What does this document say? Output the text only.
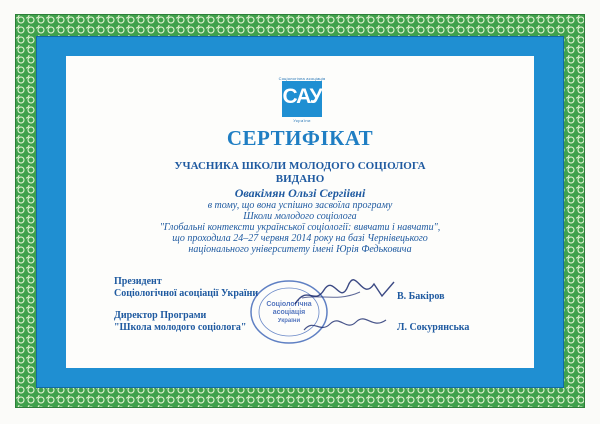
Соціологічна асоціація
САУ
України
СЕРТИФІКАТ
УЧАСНИКА ШКОЛИ МОЛОДОГО СОЦІОЛОГА
ВИДАНО
Овакімян Ользі Сергіівні
в тому, що вона успішно засвоїла програму
Школи молодого соціолога
"Глобальні контексти української соціології: вивчати і навчати",
що проходила 24–27 червня 2014 року на базі Чернівецького
національного університету імені Юрія Федьковича
Президент
Соціологічної асоціації України
Директор Програми
"Школа молодого соціолога"
В. Бакіров
Л. Сокурянська
Соціологічна
асоціація
України
